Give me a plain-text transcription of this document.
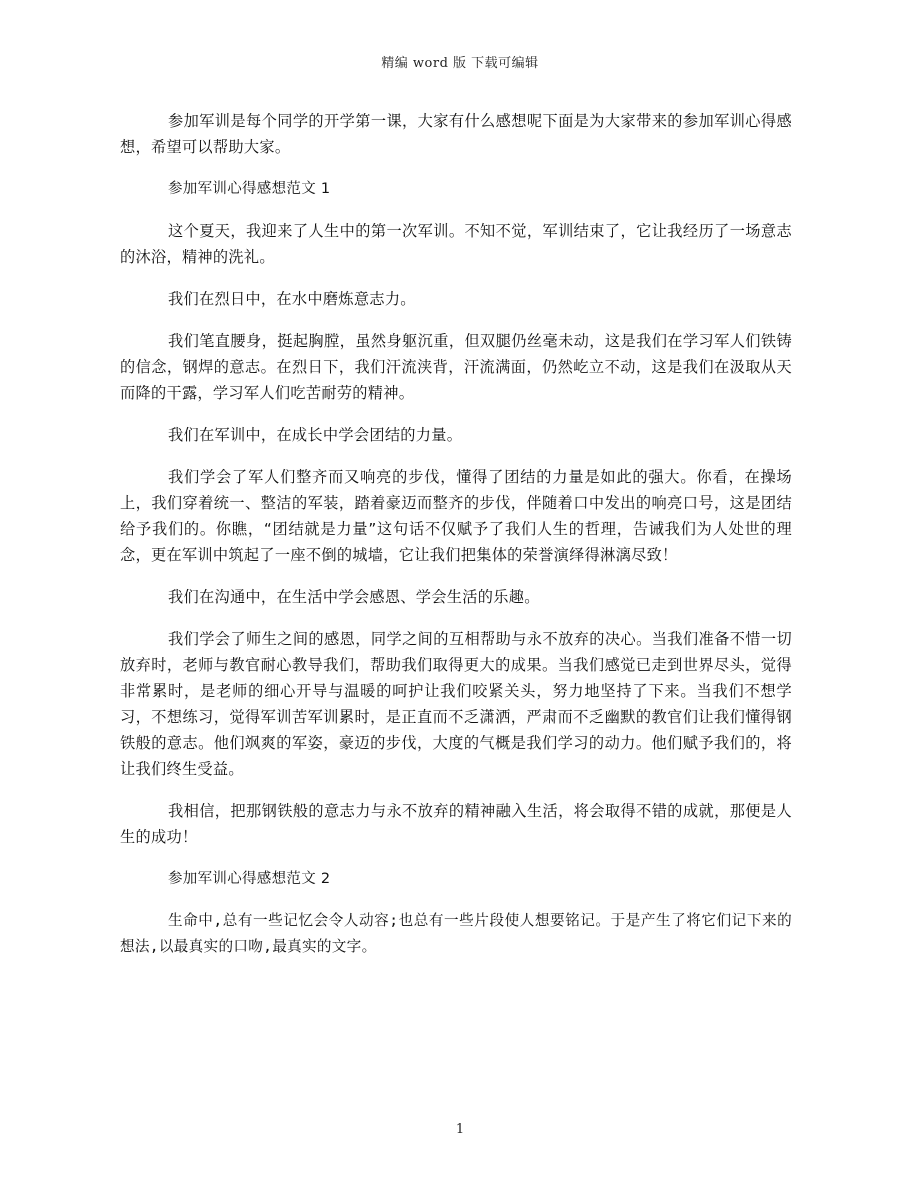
精编 word 版 下载可编辑

参加军训是每个同学的开学第一课，大家有什么感想呢下面是为大家带来的参加军训心得感想，希望可以帮助大家。

参加军训心得感想范文 1

这个夏天，我迎来了人生中的第一次军训。不知不觉，军训结束了，它让我经历了一场意志的沐浴，精神的洗礼。

我们在烈日中，在水中磨炼意志力。

我们笔直腰身，挺起胸膛，虽然身躯沉重，但双腿仍丝毫未动，这是我们在学习军人们铁铸的信念，钢焊的意志。在烈日下，我们汗流浃背，汗流满面，仍然屹立不动，这是我们在汲取从天而降的干露，学习军人们吃苦耐劳的精神。

我们在军训中，在成长中学会团结的力量。

我们学会了军人们整齐而又响亮的步伐，懂得了团结的力量是如此的强大。你看，在操场上，我们穿着统一、整洁的军装，踏着豪迈而整齐的步伐，伴随着口中发出的响亮口号，这是团结给予我们的。你瞧，“团结就是力量”这句话不仅赋予了我们人生的哲理，告诫我们为人处世的理念，更在军训中筑起了一座不倒的城墙，它让我们把集体的荣誉演绎得淋漓尽致！

我们在沟通中，在生活中学会感恩、学会生活的乐趣。

我们学会了师生之间的感恩，同学之间的互相帮助与永不放弃的决心。当我们准备不惜一切放弃时，老师与教官耐心教导我们，帮助我们取得更大的成果。当我们感觉已走到世界尽头，觉得非常累时，是老师的细心开导与温暖的呵护让我们咬紧关头，努力地坚持了下来。当我们不想学习，不想练习，觉得军训苦军训累时，是正直而不乏潇洒，严肃而不乏幽默的教官们让我们懂得钢铁般的意志。他们飒爽的军姿，豪迈的步伐，大度的气概是我们学习的动力。他们赋予我们的，将让我们终生受益。

我相信，把那钢铁般的意志力与永不放弃的精神融入生活，将会取得不错的成就，那便是人生的成功！

参加军训心得感想范文 2

生命中,总有一些记忆会令人动容;也总有一些片段使人想要铭记。于是产生了将它们记下来的想法,以最真实的口吻,最真实的文字。

1
